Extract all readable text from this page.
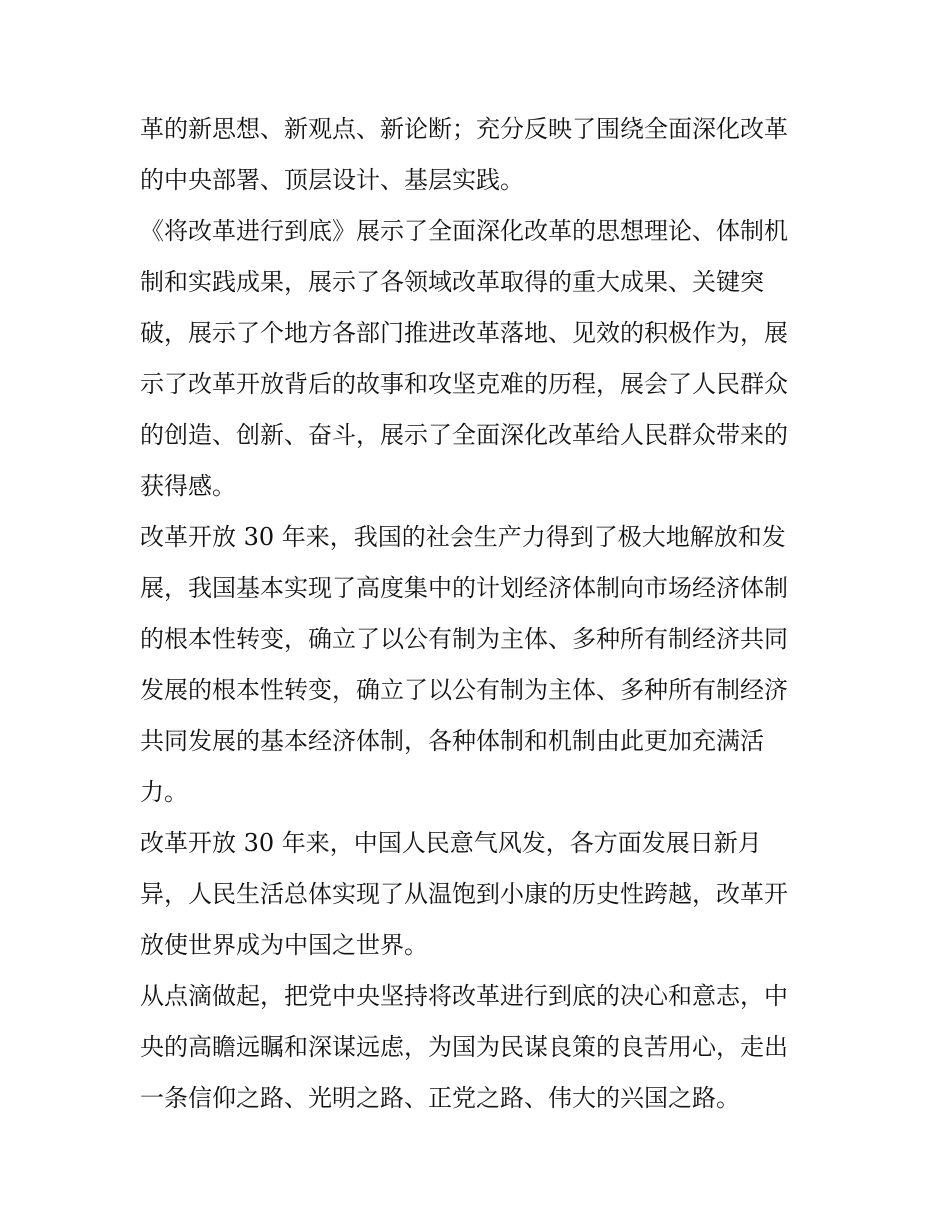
革的新思想、新观点、新论断；充分反映了围绕全面深化改革
的中央部署、顶层设计、基层实践。
《将改革进行到底》展示了全面深化改革的思想理论、体制机
制和实践成果，展示了各领域改革取得的重大成果、关键突
破，展示了个地方各部门推进改革落地、见效的积极作为，展
示了改革开放背后的故事和攻坚克难的历程，展会了人民群众
的创造、创新、奋斗，展示了全面深化改革给人民群众带来的
获得感。
改革开放 30 年来，我国的社会生产力得到了极大地解放和发
展，我国基本实现了高度集中的计划经济体制向市场经济体制
的根本性转变，确立了以公有制为主体、多种所有制经济共同
发展的根本性转变，确立了以公有制为主体、多种所有制经济
共同发展的基本经济体制，各种体制和机制由此更加充满活
力。
改革开放 30 年来，中国人民意气风发，各方面发展日新月
异，人民生活总体实现了从温饱到小康的历史性跨越，改革开
放使世界成为中国之世界。
从点滴做起，把党中央坚持将改革进行到底的决心和意志，中
央的高瞻远瞩和深谋远虑，为国为民谋良策的良苦用心，走出
一条信仰之路、光明之路、正党之路、伟大的兴国之路。
